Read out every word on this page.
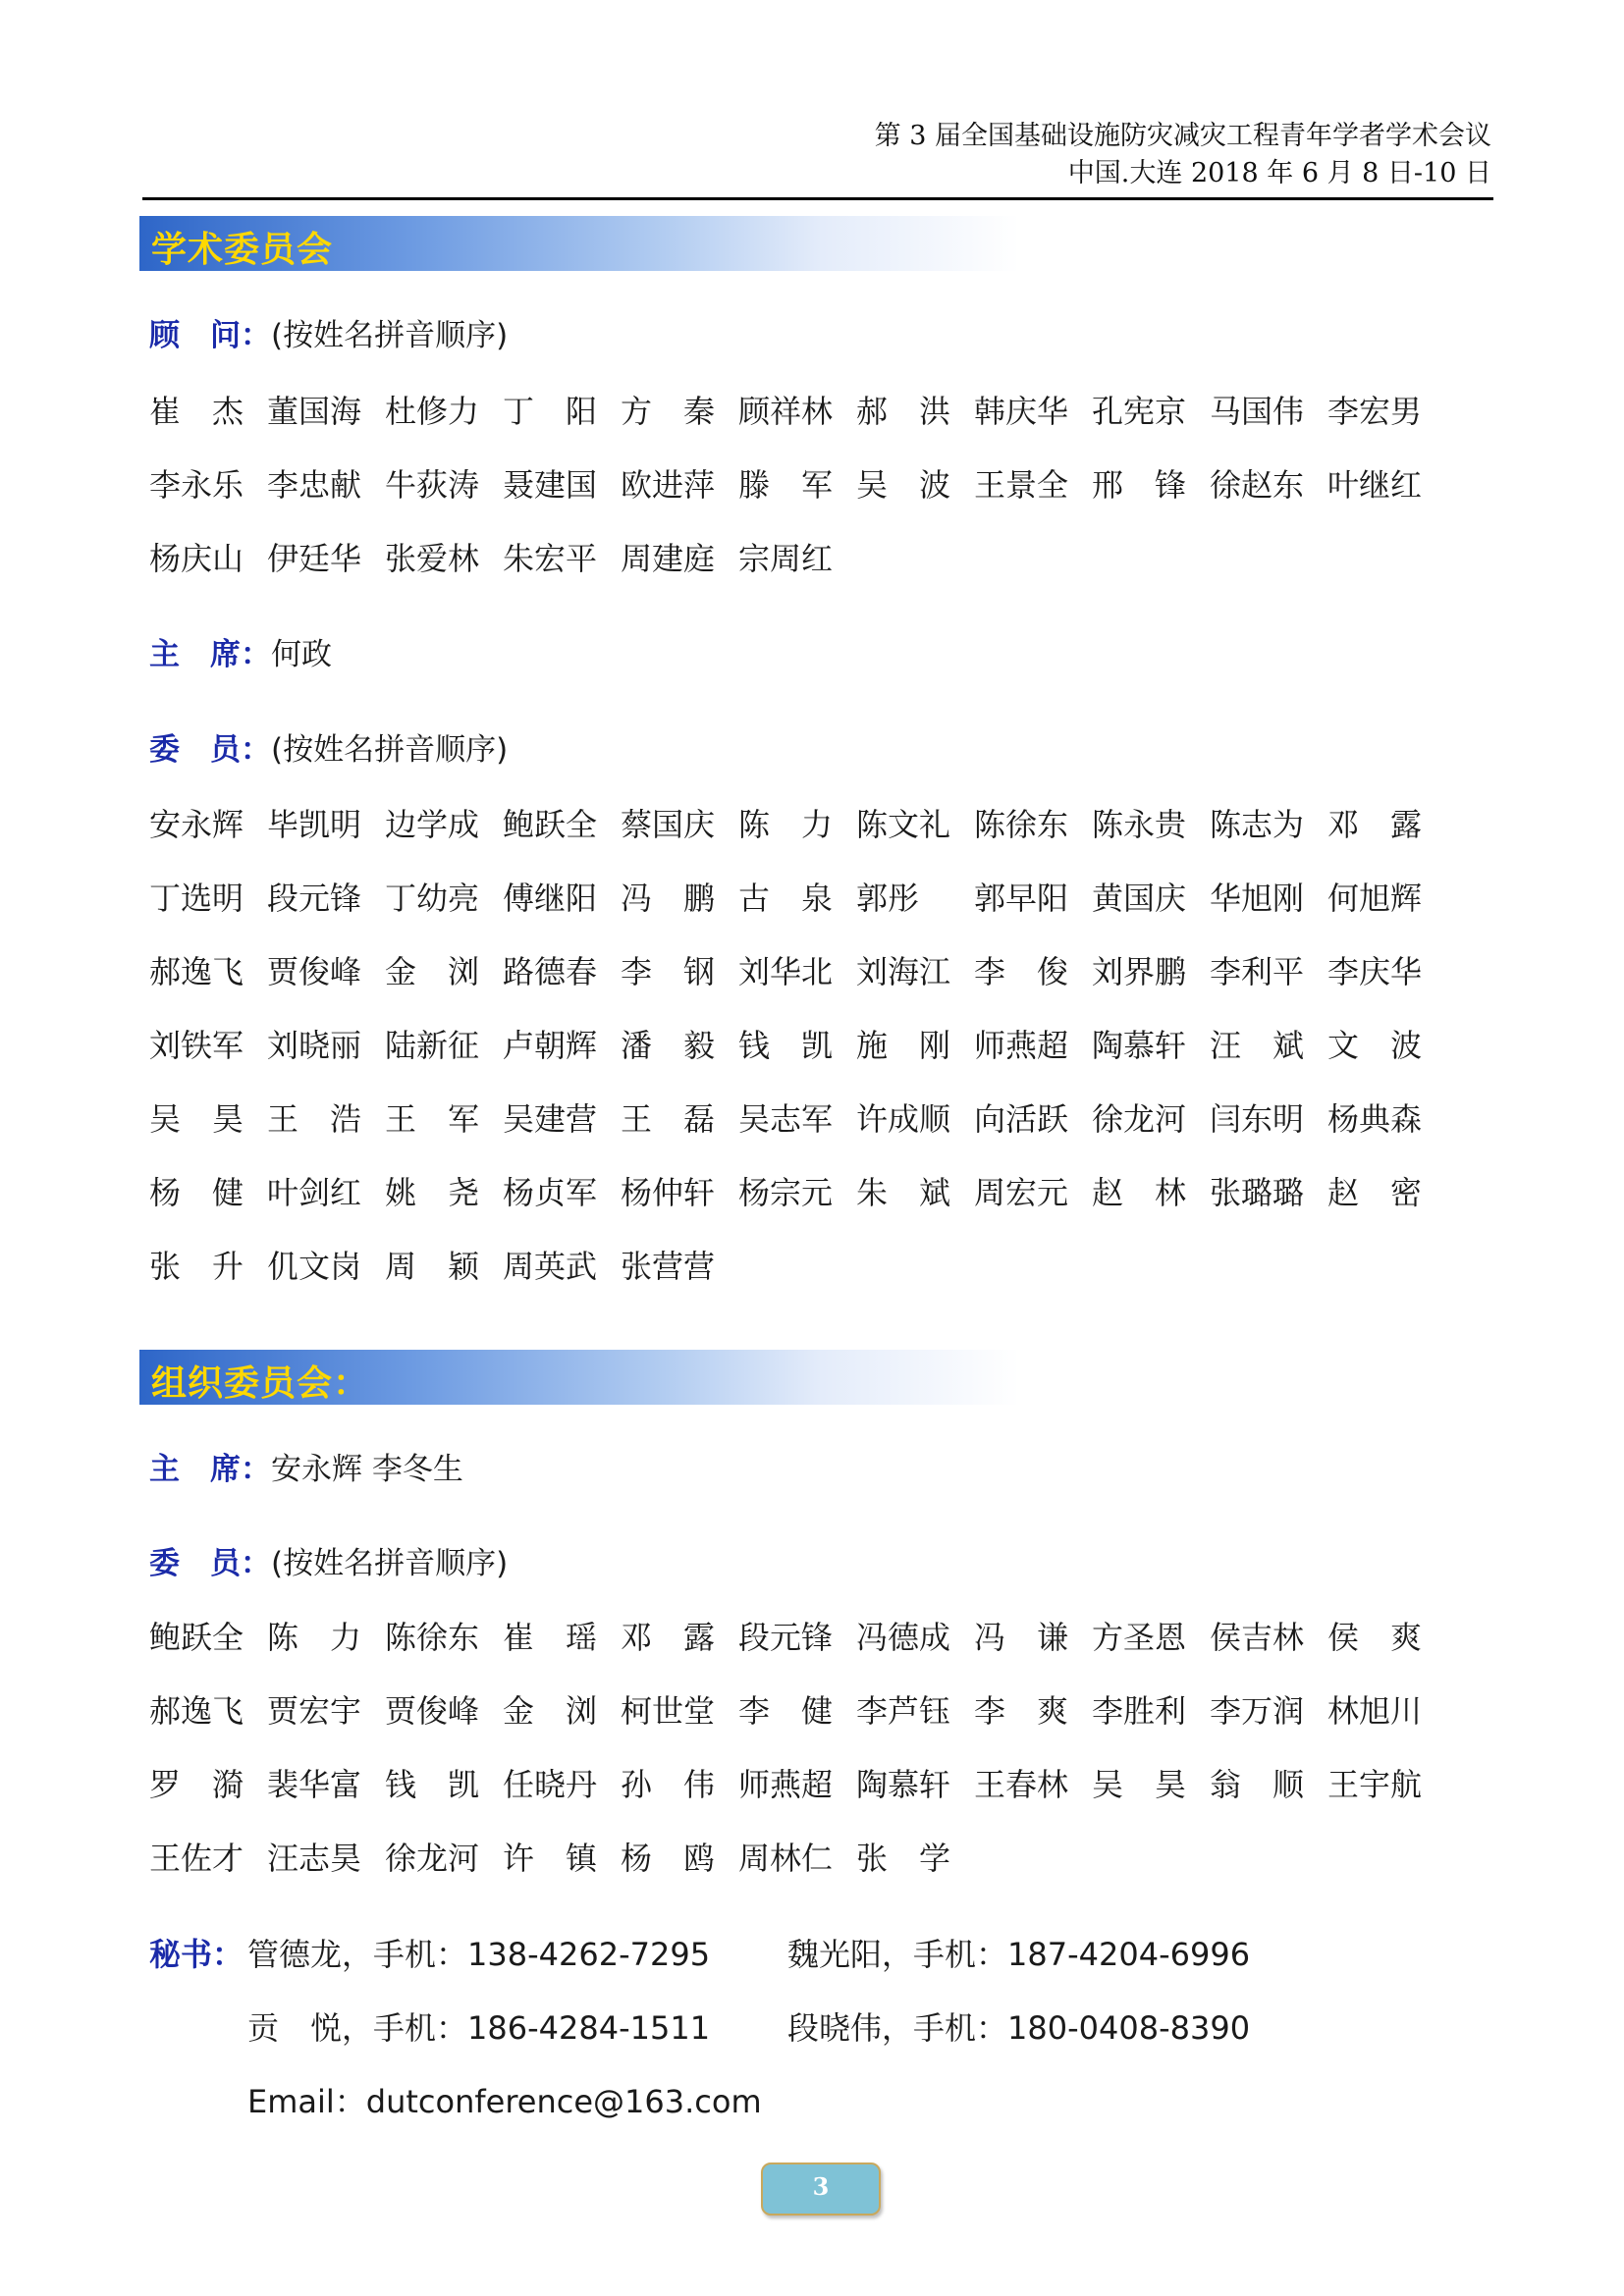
第 3 届全国基础设施防灾减灾工程青年学者学术会议
中国.大连 2018 年 6 月 8 日-10 日
学术委员会
顾　问：(按姓名拼音顺序)
崔　杰 董国海 杜修力 丁　阳 方　秦 顾祥林 郝　洪 韩庆华 孔宪京 马国伟 李宏男
李永乐 李忠献 牛荻涛 聂建国 欧进萍 滕　军 吴　波 王景全 邢　锋 徐赵东 叶继红
杨庆山 伊廷华 张爱林 朱宏平 周建庭 宗周红
主　席：何政
委　员：(按姓名拼音顺序)
安永辉 毕凯明 边学成 鲍跃全 蔡国庆 陈　力 陈文礼 陈徐东 陈永贵 陈志为 邓　露
丁选明 段元锋 丁幼亮 傅继阳 冯　鹏 古　泉 郭彤	郭早阳 黄国庆 华旭刚 何旭辉
郝逸飞 贾俊峰 金　浏 路德春 李　钢 刘华北 刘海江 李　俊 刘界鹏 李利平 李庆华
刘铁军 刘晓丽 陆新征 卢朝辉 潘　毅 钱　凯 施　刚 师燕超 陶慕轩 汪　斌 文　波
吴　昊 王　浩 王　军 吴建营 王　磊 吴志军 许成顺 向活跃 徐龙河 闫东明 杨典森
杨　健 叶剑红 姚　尧 杨贞军 杨仲轩 杨宗元 朱　斌 周宏元 赵　林 张璐璐 赵　密
张　升 仉文岗 周　颖 周英武 张营营
组织委员会：
主　席：安永辉 李冬生
委　员：(按姓名拼音顺序)
鲍跃全 陈　力 陈徐东 崔　瑶 邓　露 段元锋 冯德成 冯　谦 方圣恩 侯吉林 侯　爽
郝逸飞 贾宏宇 贾俊峰 金　浏 柯世堂 李　健 李芦钰 李　爽 李胜利 李万润 林旭川
罗　漪 裴华富 钱　凯 任晓丹 孙　伟 师燕超 陶慕轩 王春林 吴　昊 翁　顺 王宇航
王佐才 汪志昊 徐龙河 许　镇 杨　鸥 周林仁 张　学
秘书： 管德龙，手机：138-4262-7295 魏光阳，手机：187-4204-6996
贡　悦，手机：186-4284-1511 段晓伟，手机：180-0408-8390
Email：dutconference@163.com
3
